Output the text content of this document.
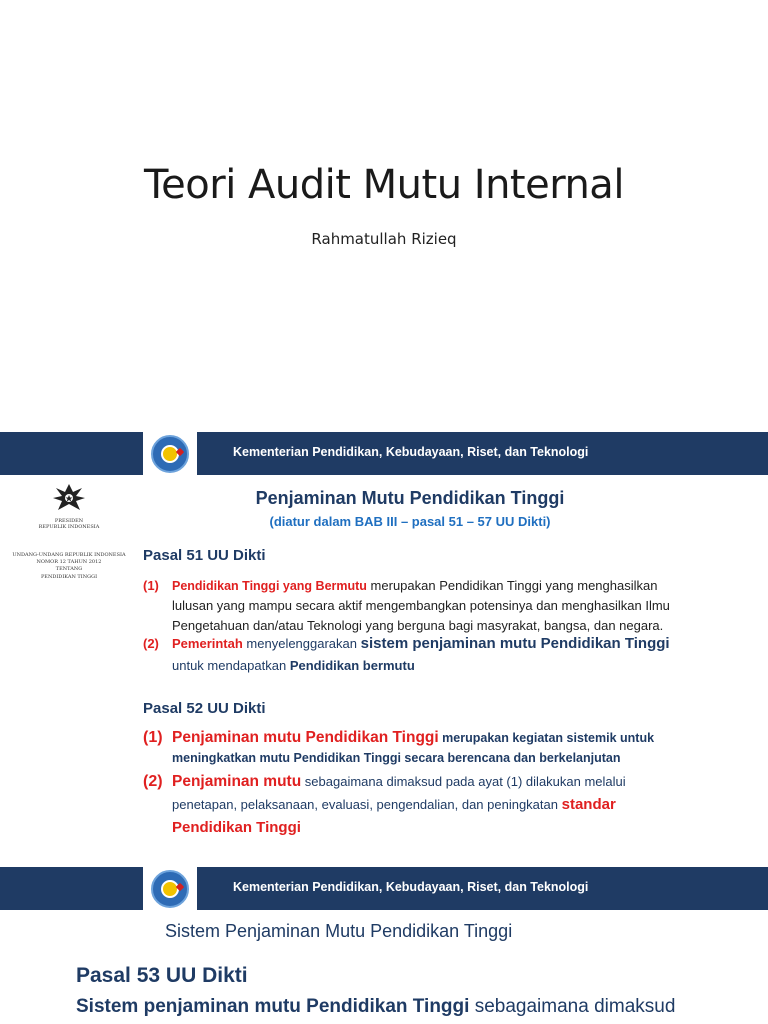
Teori Audit Mutu Internal
Rahmatullah Rizieq
Kementerian Pendidikan, Kebudayaan, Riset, dan Teknologi
PRESIDEN
REPUBLIK INDONESIA
UNDANG-UNDANG REPUBLIK INDONESIA
NOMOR 12 TAHUN 2012
TENTANG
PENDIDIKAN TINGGI
Penjaminan Mutu Pendidikan Tinggi
(diatur dalam BAB III – pasal 51 – 57 UU Dikti)
Pasal 51 UU Dikti
(1)	Pendidikan Tinggi yang Bermutu merupakan Pendidikan Tinggi yang menghasilkan
lulusan yang mampu secara aktif mengembangkan potensinya dan menghasilkan Ilmu
Pengetahuan dan/atau Teknologi yang berguna bagi masyrakat, bangsa, dan negara.
(2)	Pemerintah menyelenggarakan sistem penjaminan mutu Pendidikan Tinggi
untuk mendapatkan Pendidikan bermutu
Pasal 52 UU Dikti
(1) Penjaminan mutu Pendidikan Tinggi merupakan kegiatan sistemik untuk
meningkatkan mutu Pendidikan Tinggi secara berencana dan berkelanjutan
(2) Penjaminan mutu sebagaimana dimaksud pada ayat (1) dilakukan melalui
penetapan, pelaksanaan, evaluasi, pengendalian, dan peningkatan standar
Pendidikan Tinggi
Kementerian Pendidikan, Kebudayaan, Riset, dan Teknologi
Sistem Penjaminan Mutu Pendidikan Tinggi
Pasal 53 UU Dikti
Sistem penjaminan mutu Pendidikan Tinggi sebagaimana dimaksud
